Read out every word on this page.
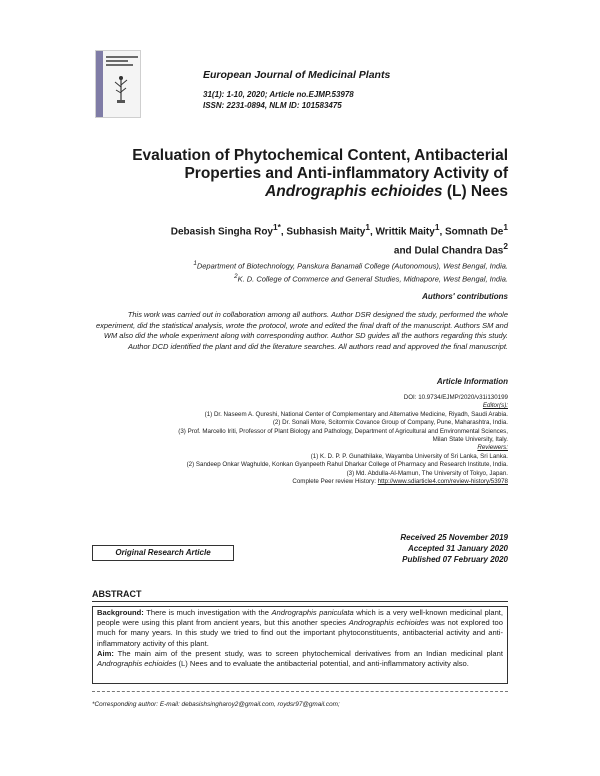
European Journal of Medicinal Plants
31(1): 1-10, 2020; Article no.EJMP.53978
ISSN: 2231-0894, NLM ID: 101583475
Evaluation of Phytochemical Content, Antibacterial
Properties and Anti-inflammatory Activity of
Andrographis echioides (L) Nees
Debasish Singha Roy$^{1*}$, Subhasish Maity$^1$, Writtik Maity$^1$, Somnath De$^1$
and Dulal Chandra Das$^2$
$^1$Department of Biotechnology, Panskura Banamali College (Autonomous), West Bengal, India.
$^2$K. D. College of Commerce and General Studies, Midnapore, West Bengal, India.
Authors' contributions
This work was carried out in collaboration among all authors. Author DSR designed the study, performed the whole experiment, did the statistical analysis, wrote the protocol, wrote and edited the final draft of the manuscript. Authors SM and WM also did the whole experiment along with corresponding author. Author SD guides all the authors regarding this study. Author DCD identified the plant and did the literature searches. All authors read and approved the final manuscript.
Article Information
DOI: 10.9734/EJMP/2020/v31i130199
Editor(s):
(1) Dr. Naseem A. Qureshi, National Center of Complementary and Alternative Medicine, Riyadh, Saudi Arabia.
(2) Dr. Sonali More, Scitormix Covance Group of Company, Pune, Maharashtra, India.
(3) Prof. Marcello Iriti, Professor of Plant Biology and Pathology, Department of Agricultural and Environmental Sciences,
Milan State University, Italy.
Reviewers:
(1) K. D. P. P. Gunathilake, Wayamba University of Sri Lanka, Sri Lanka.
(2) Sandeep Onkar Waghulde, Konkan Gyanpeeth Rahul Dharkar College of Pharmacy and Research Institute, India.
(3) Md. Abdulla-Al-Mamun, The University of Tokyo, Japan.
Complete Peer review History: http://www.sdiarticle4.com/review-history/53978
Original Research Article
Received 25 November 2019
Accepted 31 January 2020
Published 07 February 2020
ABSTRACT
Background: There is much investigation with the Andrographis paniculata which is a very well-known medicinal plant, people were using this plant from ancient years, but this another species Andrographis echioides was not explored too much for many years. In this study we tried to find out the important phytoconstituents, antibacterial activity and anti-inflammatory activity of this plant.
Aim: The main aim of the present study, was to screen phytochemical derivatives from an Indian medicinal plant Andrographis echioides (L) Nees and to evaluate the antibacterial potential, and anti-inflammatory activity also.
*Corresponding author: E-mail: debasishsingharoy2@gmail.com, roydsr97@gmail.com;
